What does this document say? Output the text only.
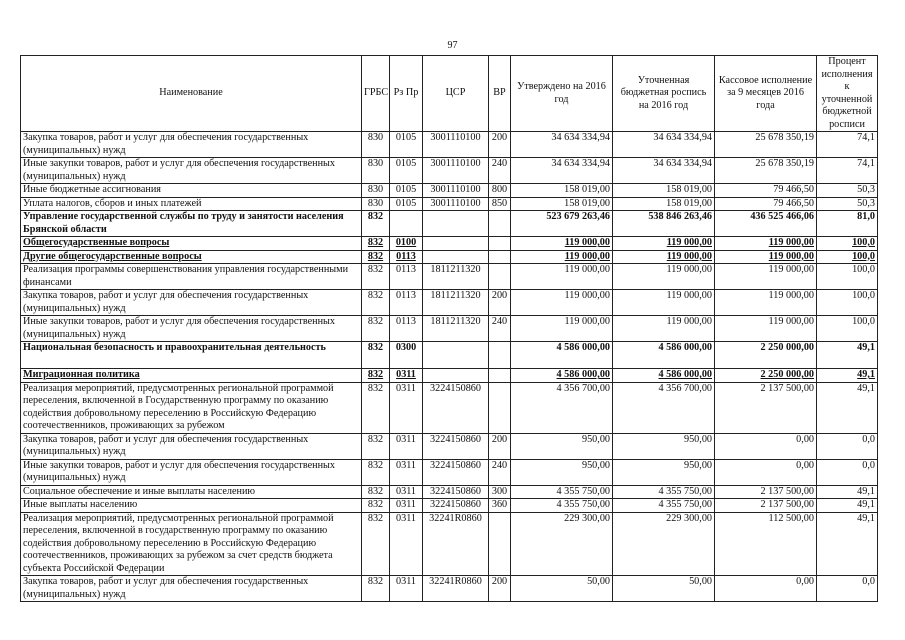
97
Наименование	ГРБС	Рз Пр	ЦСР	ВР	Утверждено на 2016 год	Уточненная бюджетная роспись на 2016 год	Кассовое исполнение за 9 месяцев 2016 года	Процент исполнения к уточненной бюджетной росписи
Закупка товаров, работ и услуг для обеспечения государственных (муниципальных) нужд	830	0105	3001110100	200	34 634 334,94	34 634 334,94	25 678 350,19	74,1
Иные закупки товаров, работ и услуг для обеспечения государственных (муниципальных) нужд	830	0105	3001110100	240	34 634 334,94	34 634 334,94	25 678 350,19	74,1
Иные бюджетные ассигнования	830	0105	3001110100	800	158 019,00	158 019,00	79 466,50	50,3
Уплата налогов, сборов и иных платежей	830	0105	3001110100	850	158 019,00	158 019,00	79 466,50	50,3
Управление государственной службы по труду и занятости населения Брянской области	832				523 679 263,46	538 846 263,46	436 525 466,06	81,0
Общегосударственные вопросы	832	0100			119 000,00	119 000,00	119 000,00	100,0
Другие общегосударственные вопросы	832	0113			119 000,00	119 000,00	119 000,00	100,0
Реализация программы совершенствования управления государственными финансами	832	0113	1811211320		119 000,00	119 000,00	119 000,00	100,0
Закупка товаров, работ и услуг для обеспечения государственных (муниципальных) нужд	832	0113	1811211320	200	119 000,00	119 000,00	119 000,00	100,0
Иные закупки товаров, работ и услуг для обеспечения государственных (муниципальных) нужд	832	0113	1811211320	240	119 000,00	119 000,00	119 000,00	100,0
Национальная безопасность и правоохранительная деятельность	832	0300			4 586 000,00	4 586 000,00	2 250 000,00	49,1
Миграционная политика	832	0311			4 586 000,00	4 586 000,00	2 250 000,00	49,1
Реализация мероприятий, предусмотренных региональной программой переселения, включенной в Государственную программу по оказанию содействия добровольному переселению в Российскую Федерацию соотечественников, проживающих за рубежом	832	0311	3224150860		4 356 700,00	4 356 700,00	2 137 500,00	49,1
Закупка товаров, работ и услуг для обеспечения государственных (муниципальных) нужд	832	0311	3224150860	200	950,00	950,00	0,00	0,0
Иные закупки товаров, работ и услуг для обеспечения государственных (муниципальных) нужд	832	0311	3224150860	240	950,00	950,00	0,00	0,0
Социальное обеспечение и иные выплаты населению	832	0311	3224150860	300	4 355 750,00	4 355 750,00	2 137 500,00	49,1
Иные выплаты населению	832	0311	3224150860	360	4 355 750,00	4 355 750,00	2 137 500,00	49,1
Реализация мероприятий, предусмотренных региональной программой переселения, включенной в государственную программу по оказанию содействия добровольному переселению в Российскую Федерацию соотечественников, проживающих за рубежом за счет средств бюджета субъекта Российской Федерации	832	0311	32241R0860		229 300,00	229 300,00	112 500,00	49,1
Закупка товаров, работ и услуг для обеспечения государственных (муниципальных) нужд	832	0311	32241R0860	200	50,00	50,00	0,00	0,0
